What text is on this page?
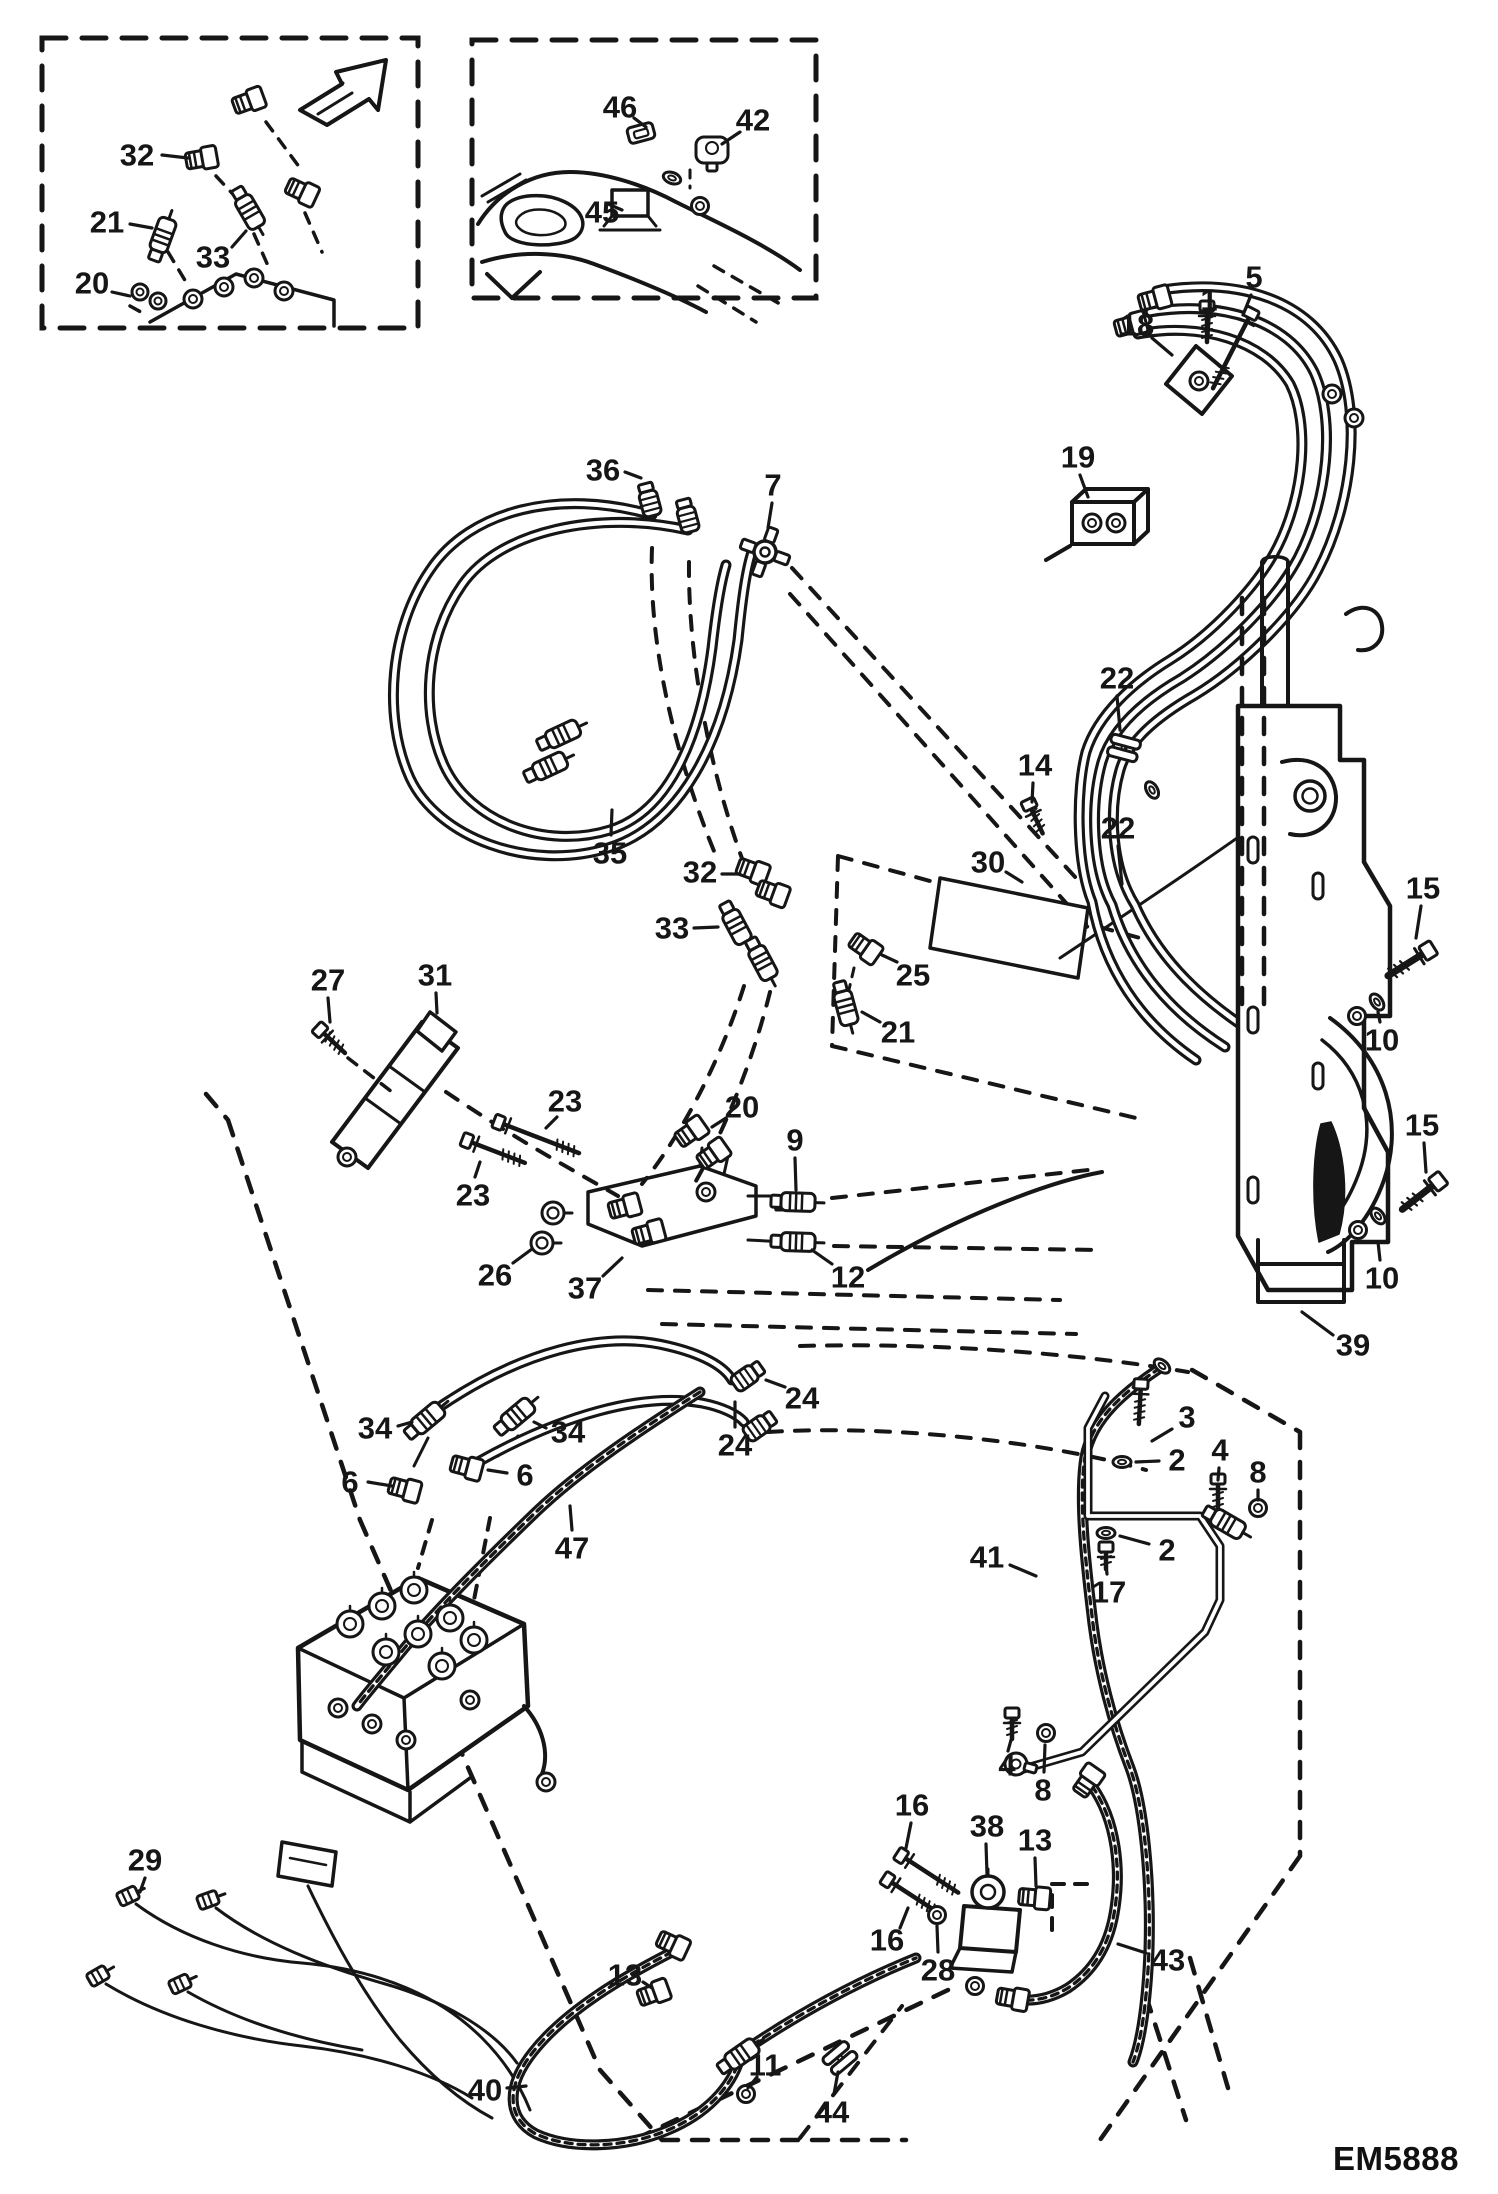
32
21
33
20
46	42
45
18
1
5
19
36	7
22
22
14
30
35
32
33
25
21
27 31
23
23
26 37
20
9
12
15
10
15
10
39
34	34
6	6
47
24
24
41
3
2 4
8
2
17
4
8
16
38 13
16
28	43
29
13
11
40
44
EM5888
